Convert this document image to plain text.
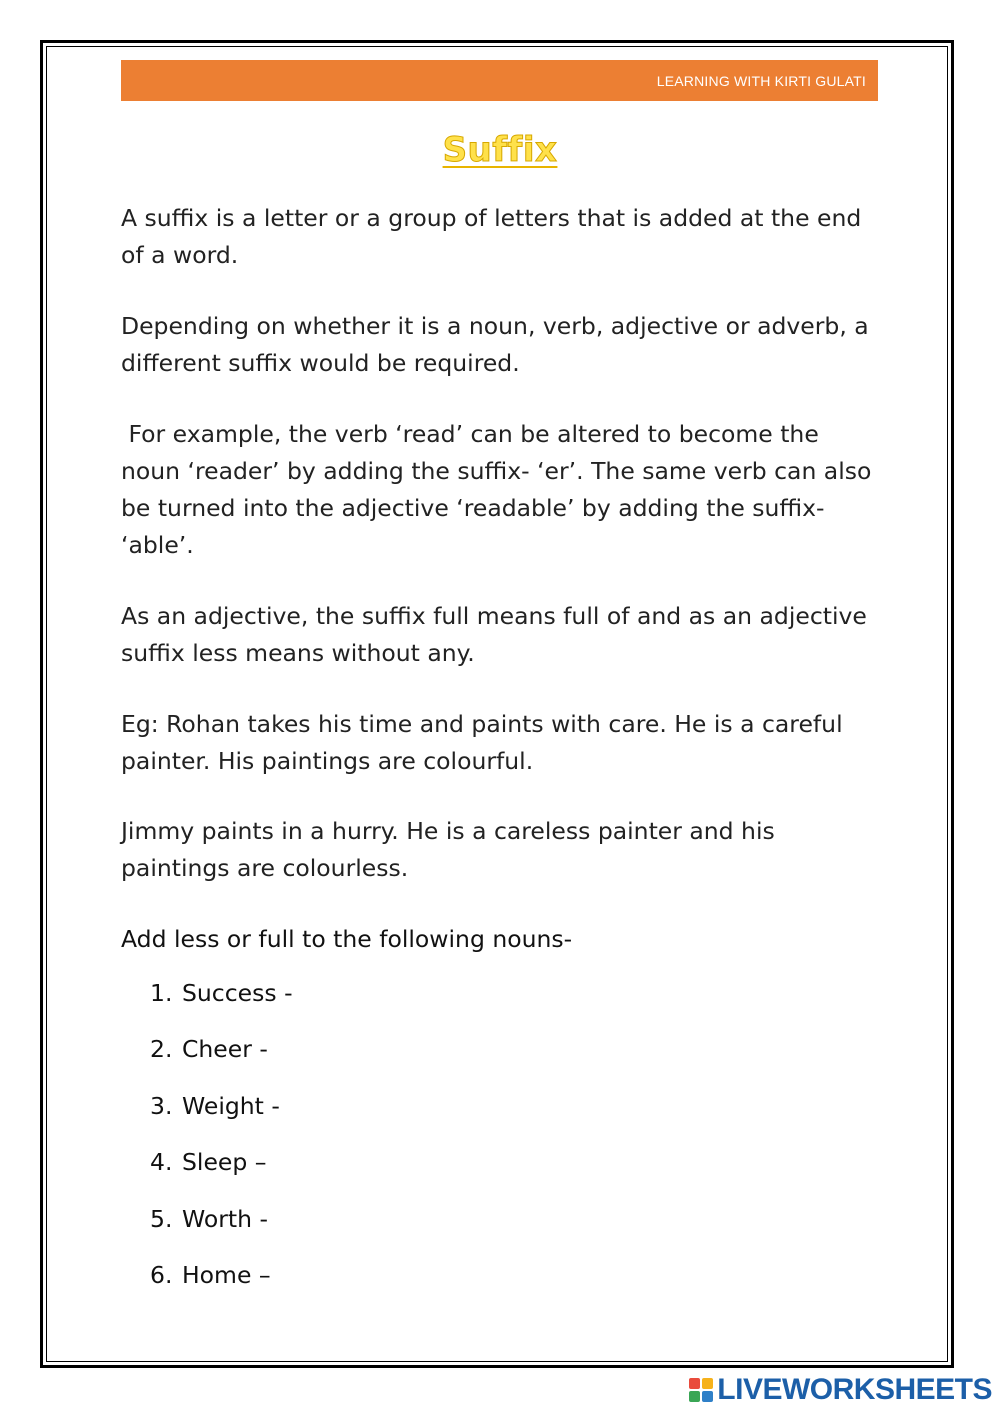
LEARNING WITH KIRTI GULATI
Suffix

A suffix is a letter or a group of letters that is added at the end of a word.

Depending on whether it is a noun, verb, adjective or adverb, a different suffix would be required.

For example, the verb ‘read’ can be altered to become the noun ‘reader’ by adding the suffix- ‘er’. The same verb can also be turned into the adjective ‘readable’ by adding the suffix- ‘able’.

As an adjective, the suffix full means full of and as an adjective suffix less means without any.

Eg: Rohan takes his time and paints with care. He is a careful painter. His paintings are colourful.

Jimmy paints in a hurry. He is a careless painter and his paintings are colourless.

Add less or full to the following nouns-

1. Success -
2. Cheer -
3. Weight -
4. Sleep –
5. Worth -
6. Home –
LIVEWORKSHEETS
